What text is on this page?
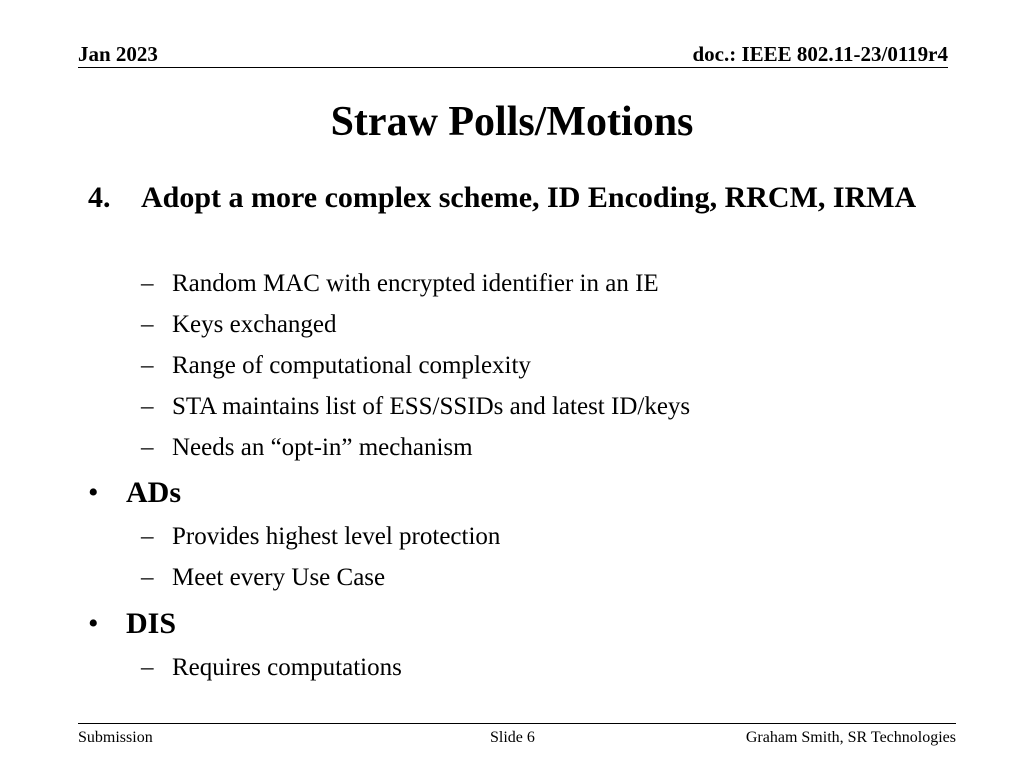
Jan 2023	doc.: IEEE 802.11-23/0119r4
Straw Polls/Motions
4. Adopt a more complex scheme, ID Encoding, RRCM, IRMA
– Random MAC with encrypted identifier in an IE
– Keys exchanged
– Range of computational complexity
– STA maintains list of ESS/SSIDs and latest ID/keys
– Needs an “opt-in” mechanism
• ADs
– Provides highest level protection
– Meet every Use Case
• DIS
– Requires computations
Submission	Slide 6	Graham Smith, SR Technologies
